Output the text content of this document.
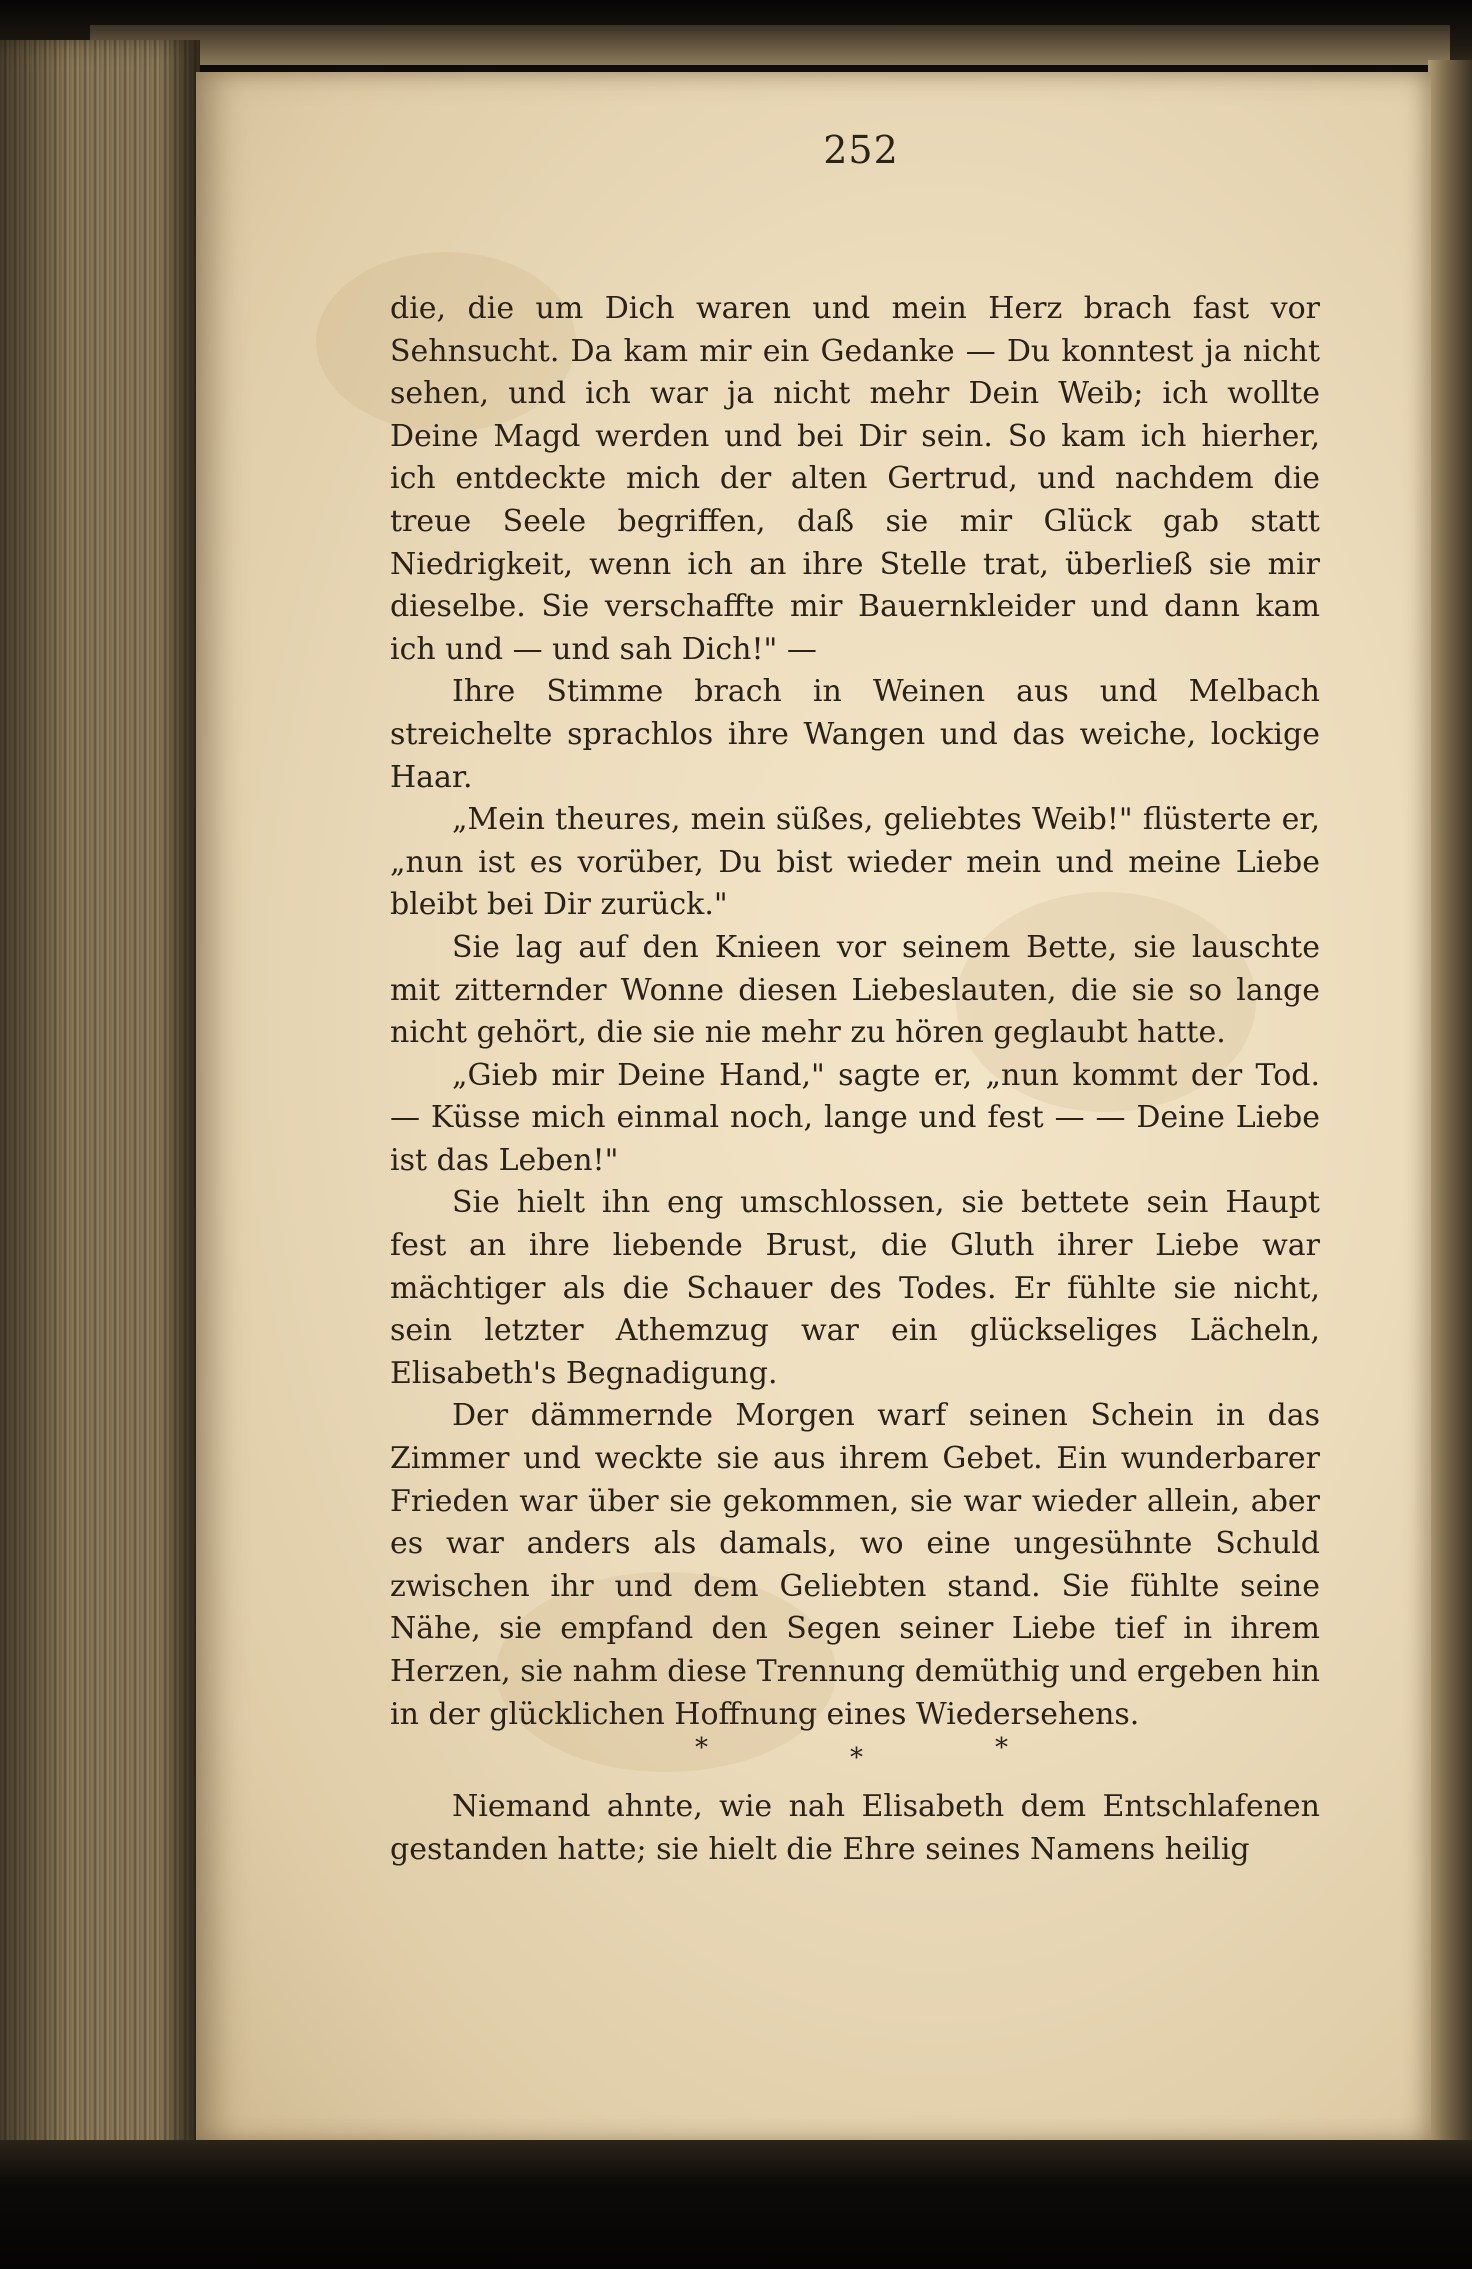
252

die, die um Dich waren und mein Herz brach fast vor Sehnsucht. Da kam mir ein Gedanke — Du konntest ja nicht sehen, und ich war ja nicht mehr Dein Weib; ich wollte Deine Magd werden und bei Dir sein. So kam ich hierher, ich entdeckte mich der alten Gertrud, und nachdem die treue Seele begriffen, daß sie mir Glück gab statt Niedrigkeit, wenn ich an ihre Stelle trat, überließ sie mir dieselbe. Sie verschaffte mir Bauernkleider und dann kam ich und — und sah Dich!" —

Ihre Stimme brach in Weinen aus und Melbach streichelte sprachlos ihre Wangen und das weiche, lockige Haar.

„Mein theures, mein süßes, geliebtes Weib!" flüsterte er, „nun ist es vorüber, Du bist wieder mein und meine Liebe bleibt bei Dir zurück."

Sie lag auf den Knieen vor seinem Bette, sie lauschte mit zitternder Wonne diesen Liebeslauten, die sie so lange nicht gehört, die sie nie mehr zu hören geglaubt hatte.

„Gieb mir Deine Hand," sagte er, „nun kommt der Tod. — Küsse mich einmal noch, lange und fest — — Deine Liebe ist das Leben!"

Sie hielt ihn eng umschlossen, sie bettete sein Haupt fest an ihre liebende Brust, die Gluth ihrer Liebe war mächtiger als die Schauer des Todes. Er fühlte sie nicht, sein letzter Athemzug war ein glückseliges Lächeln, Elisabeth's Begnadigung.

Der dämmernde Morgen warf seinen Schein in das Zimmer und weckte sie aus ihrem Gebet. Ein wunderbarer Frieden war über sie gekommen, sie war wieder allein, aber es war anders als damals, wo eine ungesühnte Schuld zwischen ihr und dem Geliebten stand. Sie fühlte seine Nähe, sie empfand den Segen seiner Liebe tief in ihrem Herzen, sie nahm diese Trennung demüthig und ergeben hin in der glücklichen Hoffnung eines Wiedersehens.

*	*	*

Niemand ahnte, wie nah Elisabeth dem Entschlafenen gestanden hatte; sie hielt die Ehre seines Namens heilig
